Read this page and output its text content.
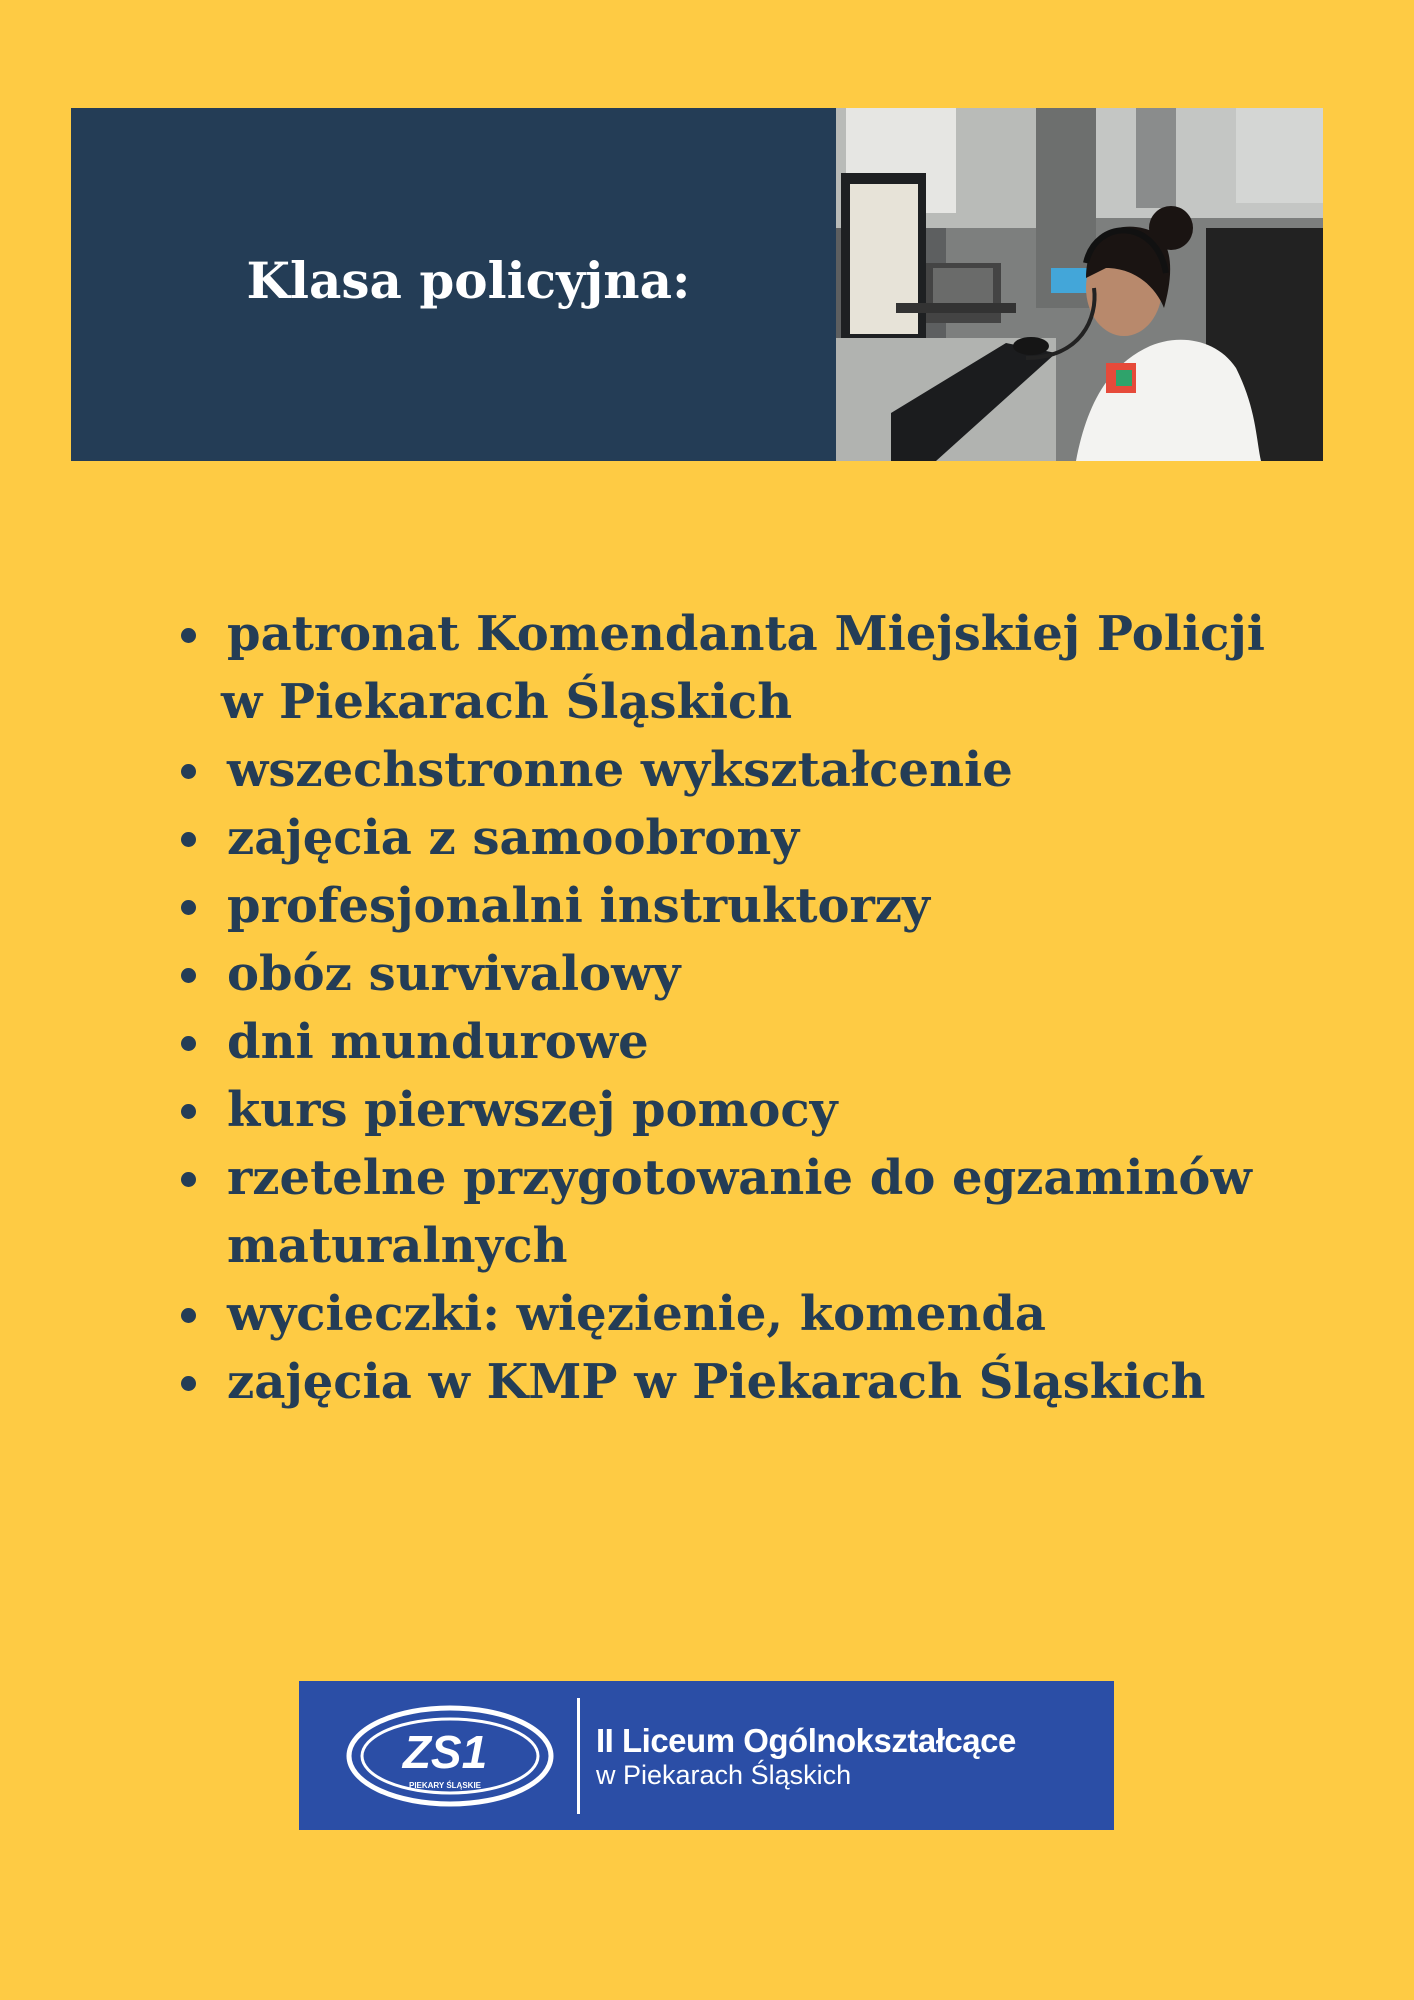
Klasa policyjna:
patronat Komendanta Miejskiej Policji
w Piekarach Śląskich
wszechstronne wykształcenie
zajęcia z samoobrony
profesjonalni instruktorzy
obóz survivalowy
dni mundurowe
kurs pierwszej pomocy
rzetelne przygotowanie do egzaminów
maturalnych
wycieczki: więzienie, komenda
zajęcia w KMP w Piekarach Śląskich
ZS1
PIEKARY ŚLĄSKIE
II Liceum Ogólnokształcące
w Piekarach Śląskich
